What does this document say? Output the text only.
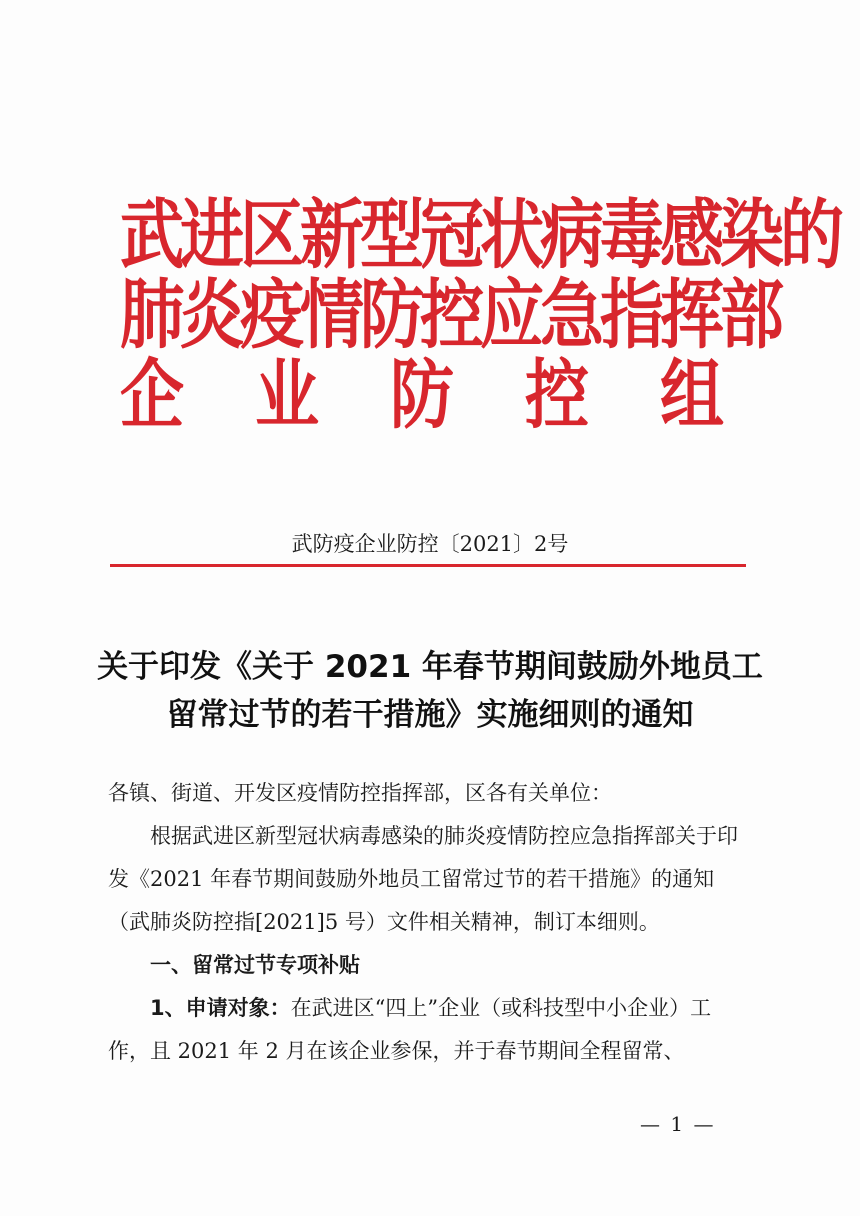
武
进
区
新
型
冠
状
病
毒
感
染
的
肺
炎
疫
情
防
控
应
急
指
挥
部
企 业 防 控 组
武防疫企业防控〔2021〕2号
关于印发《关于 2021 年春节期间鼓励外地员工
留常过节的若干措施》实施细则的通知

各镇、街道、开发区疫情防控指挥部，区各有关单位：

根据武进区新型冠状病毒感染的肺炎疫情防控应急指挥部关于印发《2021 年春节期间鼓励外地员工留常过节的若干措施》的通知（武肺炎防控指[2021]5 号）文件相关精神，制订本细则。

一、留常过节专项补贴

1、申请对象：在武进区“四上”企业（或科技型中小企业）工作，且 2021 年 2 月在该企业参保，并于春节期间全程留常、

— 1 —
